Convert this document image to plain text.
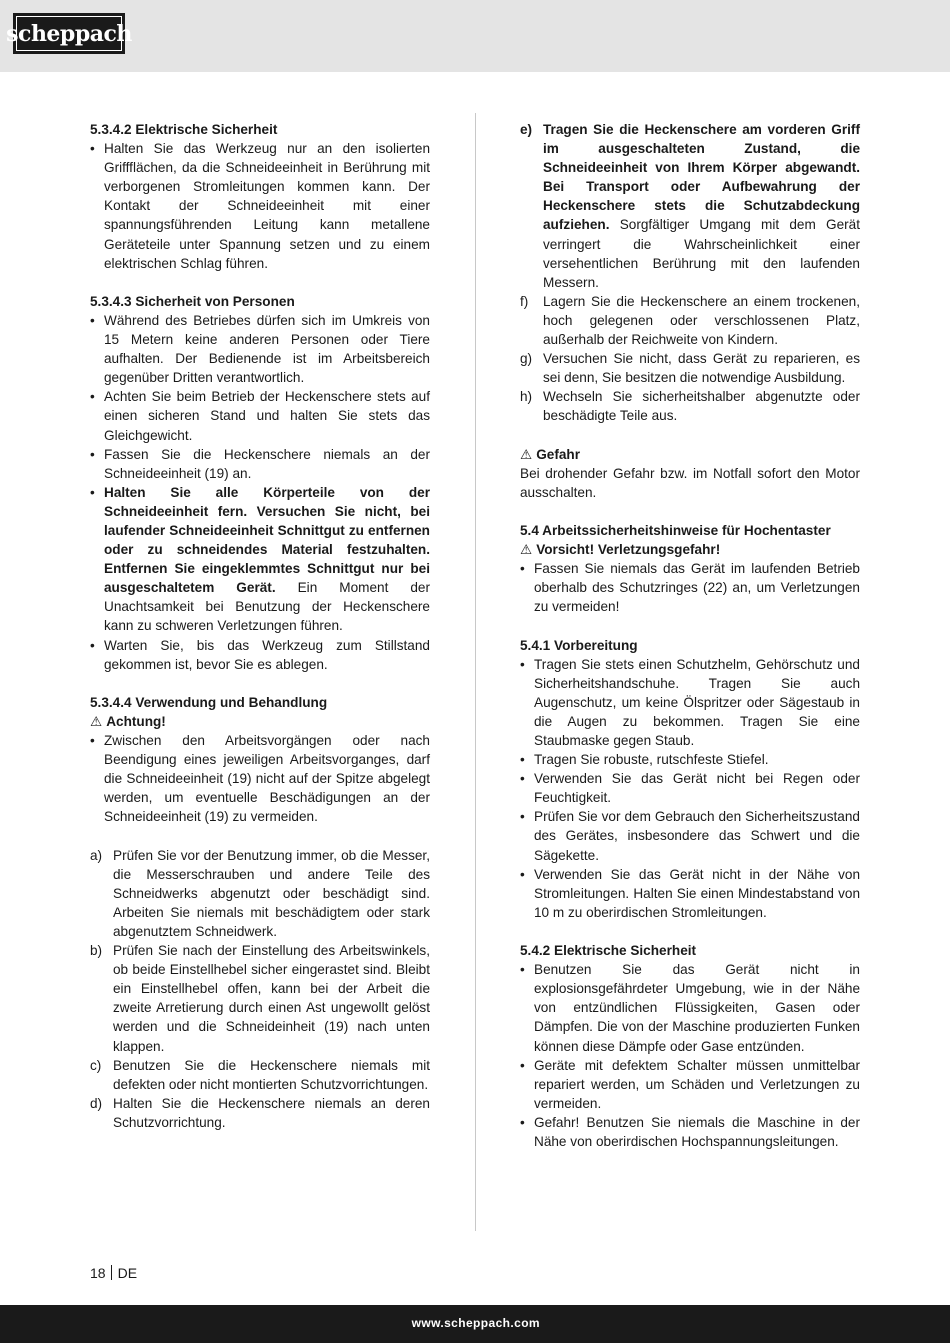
scheppach

5.3.4.2 Elektrische Sicherheit

• Halten Sie das Werkzeug nur an den isolierten Griffflächen, da die Schneideeinheit in Berührung mit verborgenen Stromleitungen kommen kann. Der Kontakt der Schneideeinheit mit einer spannungsführenden Leitung kann metallene Geräteteile unter Spannung setzen und zu einem elektrischen Schlag führen.

5.3.4.3 Sicherheit von Personen

• Während des Betriebes dürfen sich im Umkreis von 15 Metern keine anderen Personen oder Tiere aufhalten. Der Bedienende ist im Arbeitsbereich gegenüber Dritten verantwortlich.
• Achten Sie beim Betrieb der Heckenschere stets auf einen sicheren Stand und halten Sie stets das Gleichgewicht.
• Fassen Sie die Heckenschere niemals an der Schneideeinheit (19) an.
• Halten Sie alle Körperteile von der Schneideeinheit fern. Versuchen Sie nicht, bei laufender Schneideeinheit Schnittgut zu entfernen oder zu schneidendes Material festzuhalten. Entfernen Sie eingeklemmtes Schnittgut nur bei ausgeschaltetem Gerät. Ein Moment der Unachtsamkeit bei Benutzung der Heckenschere kann zu schweren Verletzungen führen.
• Warten Sie, bis das Werkzeug zum Stillstand gekommen ist, bevor Sie es ablegen.

5.3.4.4 Verwendung und Behandlung

⚠ Achtung!

• Zwischen den Arbeitsvorgängen oder nach Beendigung eines jeweiligen Arbeitsvorganges, darf die Schneideeinheit (19) nicht auf der Spitze abgelegt werden, um eventuelle Beschädigungen an der Schneideeinheit (19) zu vermeiden.
a) Prüfen Sie vor der Benutzung immer, ob die Messer, die Messerschrauben und andere Teile des Schneidwerks abgenutzt oder beschädigt sind. Arbeiten Sie niemals mit beschädigtem oder stark abgenutztem Schneidwerk.
b) Prüfen Sie nach der Einstellung des Arbeitswinkels, ob beide Einstellhebel sicher eingerastet sind. Bleibt ein Einstellhebel offen, kann bei der Arbeit die zweite Arretierung durch einen Ast ungewollt gelöst werden und die Schneideinheit (19) nach unten klappen.
c) Benutzen Sie die Heckenschere niemals mit defekten oder nicht montierten Schutzvorrichtungen.
d) Halten Sie die Heckenschere niemals an deren Schutzvorrichtung.
e) Tragen Sie die Heckenschere am vorderen Griff im ausgeschalteten Zustand, die Schneideeinheit von Ihrem Körper abgewandt. Bei Transport oder Aufbewahrung der Heckenschere stets die Schutzabdeckung aufziehen. Sorgfältiger Umgang mit dem Gerät verringert die Wahrscheinlichkeit einer versehentlichen Berührung mit den laufenden Messern.
f) Lagern Sie die Heckenschere an einem trockenen, hoch gelegenen oder verschlossenen Platz, außerhalb der Reichweite von Kindern.
g) Versuchen Sie nicht, dass Gerät zu reparieren, es sei denn, Sie besitzen die notwendige Ausbildung.
h) Wechseln Sie sicherheitshalber abgenutzte oder beschädigte Teile aus.

⚠ Gefahr

Bei drohender Gefahr bzw. im Notfall sofort den Motor ausschalten.

5.4 Arbeitssicherheitshinweise für Hochentaster

⚠ Vorsicht! Verletzungsgefahr!

• Fassen Sie niemals das Gerät im laufenden Betrieb oberhalb des Schutzringes (22) an, um Verletzungen zu vermeiden!

5.4.1 Vorbereitung

• Tragen Sie stets einen Schutzhelm, Gehörschutz und Sicherheitshandschuhe. Tragen Sie auch Augenschutz, um keine Ölspritzer oder Sägestaub in die Augen zu bekommen. Tragen Sie eine Staubmaske gegen Staub.
• Tragen Sie robuste, rutschfeste Stiefel.
• Verwenden Sie das Gerät nicht bei Regen oder Feuchtigkeit.
• Prüfen Sie vor dem Gebrauch den Sicherheitszustand des Gerätes, insbesondere das Schwert und die Sägekette.
• Verwenden Sie das Gerät nicht in der Nähe von Stromleitungen. Halten Sie einen Mindestabstand von 10 m zu oberirdischen Stromleitungen.

5.4.2 Elektrische Sicherheit

• Benutzen Sie das Gerät nicht in explosionsgefährdeter Umgebung, wie in der Nähe von entzündlichen Flüssigkeiten, Gasen oder Dämpfen. Die von der Maschine produzierten Funken können diese Dämpfe oder Gase entzünden.
• Geräte mit defektem Schalter müssen unmittelbar repariert werden, um Schäden und Verletzungen zu vermeiden.
• Gefahr! Benutzen Sie niemals die Maschine in der Nähe von oberirdischen Hochspannungsleitungen.
18 DE
www.scheppach.com
